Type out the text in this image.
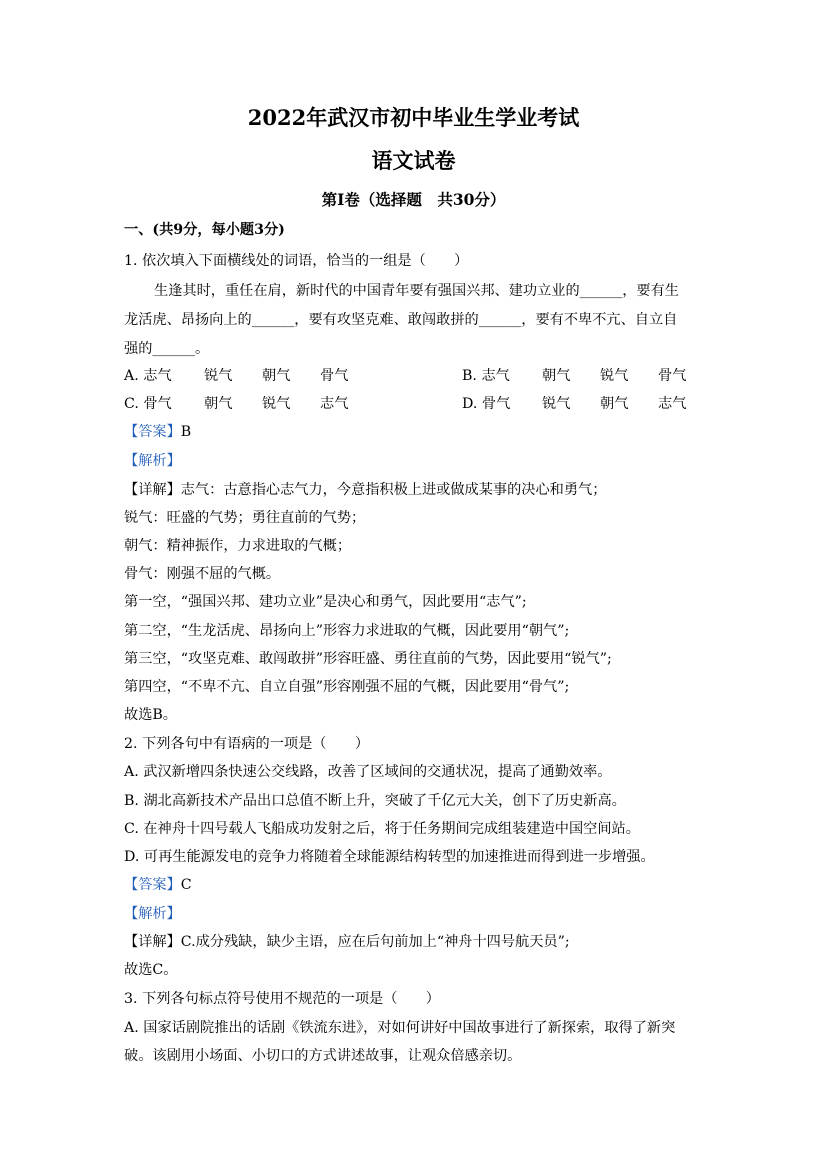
2022年武汉市初中毕业生学业考试
语文试卷
第Ⅰ卷（选择题　共30分）
一、(共9分，每小题3分)
1. 依次填入下面横线处的词语，恰当的一组是（　　）
生逢其时，重任在肩，新时代的中国青年要有强国兴邦、建功立业的______，要有生
龙活虎、昂扬向上的______，要有攻坚克难、敢闯敢拼的______，要有不卑不亢、自立自
强的______。
A. 志气 锐气 朝气 骨气	B. 志气 朝气 锐气 骨气
C. 骨气 朝气 锐气 志气	D. 骨气 锐气 朝气 志气
【答案】B
【解析】
【详解】志气：古意指心志气力，今意指积极上进或做成某事的决心和勇气；
锐气：旺盛的气势；勇往直前的气势；
朝气：精神振作，力求进取的气概；
骨气：刚强不屈的气概。
第一空，“强国兴邦、建功立业”是决心和勇气，因此要用“志气”;
第二空，“生龙活虎、昂扬向上”形容力求进取的气概，因此要用“朝气”;
第三空，“攻坚克难、敢闯敢拼”形容旺盛、勇往直前的气势，因此要用“锐气”;
第四空，“不卑不亢、自立自强”形容刚强不屈的气概，因此要用“骨气”;
故选B。
2. 下列各句中有语病的一项是（　　）
A. 武汉新增四条快速公交线路，改善了区域间的交通状况，提高了通勤效率。
B. 湖北高新技术产品出口总值不断上升，突破了千亿元大关，创下了历史新高。
C. 在神舟十四号载人飞船成功发射之后，将于任务期间完成组装建造中国空间站。
D. 可再生能源发电的竞争力将随着全球能源结构转型的加速推进而得到进一步增强。
【答案】C
【解析】
【详解】C.成分残缺，缺少主语，应在后句前加上“神舟十四号航天员”;
故选C。
3. 下列各句标点符号使用不规范的一项是（　　）
A. 国家话剧院推出的话剧《铁流东进》，对如何讲好中国故事进行了新探索，取得了新突
破。该剧用小场面、小切口的方式讲述故事，让观众倍感亲切。
